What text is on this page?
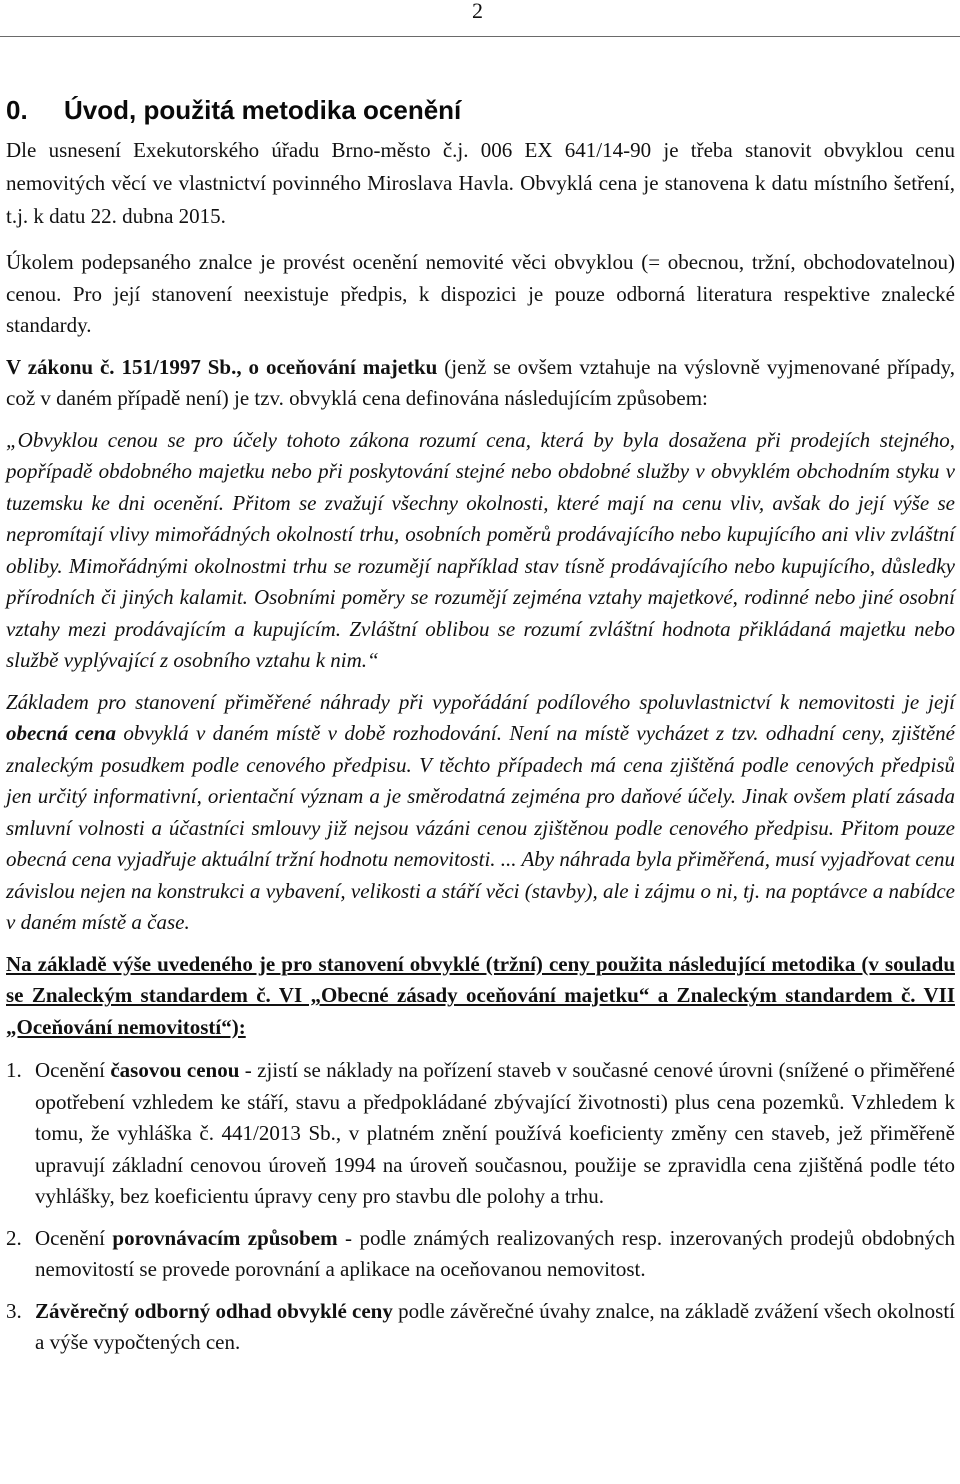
2
0. Úvod, použitá metodika ocenění

Dle usnesení Exekutorského úřadu Brno-město č.j. 006 EX 641/14-90 je třeba stanovit obvyklou cenu nemovitých věcí ve vlastnictví povinného Miroslava Havla. Obvyklá cena je stanovena k datu místního šetření, t.j. k datu 22. dubna 2015.

Úkolem podepsaného znalce je provést ocenění nemovité věci obvyklou (= obecnou, tržní, obchodovatelnou) cenou. Pro její stanovení neexistuje předpis, k dispozici je pouze odborná literatura respektive znalecké standardy.

V zákonu č. 151/1997 Sb., o oceňování majetku (jenž se ovšem vztahuje na výslovně vyjmenované případy, což v daném případě není) je tzv. obvyklá cena definována následujícím způsobem:

„Obvyklou cenou se pro účely tohoto zákona rozumí cena, která by byla dosažena při prodejích stejného, popřípadě obdobného majetku nebo při poskytování stejné nebo obdobné služby v obvyklém obchodním styku v tuzemsku ke dni ocenění. Přitom se zvažují všechny okolnosti, které mají na cenu vliv, avšak do její výše se nepromítají vlivy mimořádných okolností trhu, osobních poměrů prodávajícího nebo kupujícího ani vliv zvláštní obliby. Mimořádnými okolnostmi trhu se rozumějí například stav tísně prodávajícího nebo kupujícího, důsledky přírodních či jiných kalamit. Osobními poměry se rozumějí zejména vztahy majetkové, rodinné nebo jiné osobní vztahy mezi prodávajícím a kupujícím. Zvláštní oblibou se rozumí zvláštní hodnota přikládaná majetku nebo službě vyplývající z osobního vztahu k nim.“

Základem pro stanovení přiměřené náhrady při vypořádání podílového spoluvlastnictví k nemovitosti je její obecná cena obvyklá v daném místě v době rozhodování. Není na místě vycházet z tzv. odhadní ceny, zjištěné znaleckým posudkem podle cenového předpisu. V těchto případech má cena zjištěná podle cenových předpisů jen určitý informativní, orientační význam a je směrodatná zejména pro daňové účely. Jinak ovšem platí zásada smluvní volnosti a účastníci smlouvy již nejsou vázáni cenou zjištěnou podle cenového předpisu. Přitom pouze obecná cena vyjadřuje aktuální tržní hodnotu nemovitosti. ... Aby náhrada byla přiměřená, musí vyjadřovat cenu závislou nejen na konstrukci a vybavení, velikosti a stáří věci (stavby), ale i zájmu o ni, tj. na poptávce a nabídce v daném místě a čase.

Na základě výše uvedeného je pro stanovení obvyklé (tržní) ceny použita následující metodika (v souladu se Znaleckým standardem č. VI „Obecné zásady oceňování majetku“ a Znaleckým standardem č. VII „Oceňování nemovitostí“):

1. Ocenění časovou cenou - zjistí se náklady na pořízení staveb v současné cenové úrovni (snížené o přiměřené opotřebení vzhledem ke stáří, stavu a předpokládané zbývající životnosti) plus cena pozemků. Vzhledem k tomu, že vyhláška č. 441/2013 Sb., v platném znění používá koeficienty změny cen staveb, jež přiměřeně upravují základní cenovou úroveň 1994 na úroveň současnou, použije se zpravidla cena zjištěná podle této vyhlášky, bez koeficientu úpravy ceny pro stavbu dle polohy a trhu.
2. Ocenění porovnávacím způsobem - podle známých realizovaných resp. inzerovaných prodejů obdobných nemovitostí se provede porovnání a aplikace na oceňovanou nemovitost.
3. Závěrečný odborný odhad obvyklé ceny podle závěrečné úvahy znalce, na základě zvážení všech okolností a výše vypočtených cen.
